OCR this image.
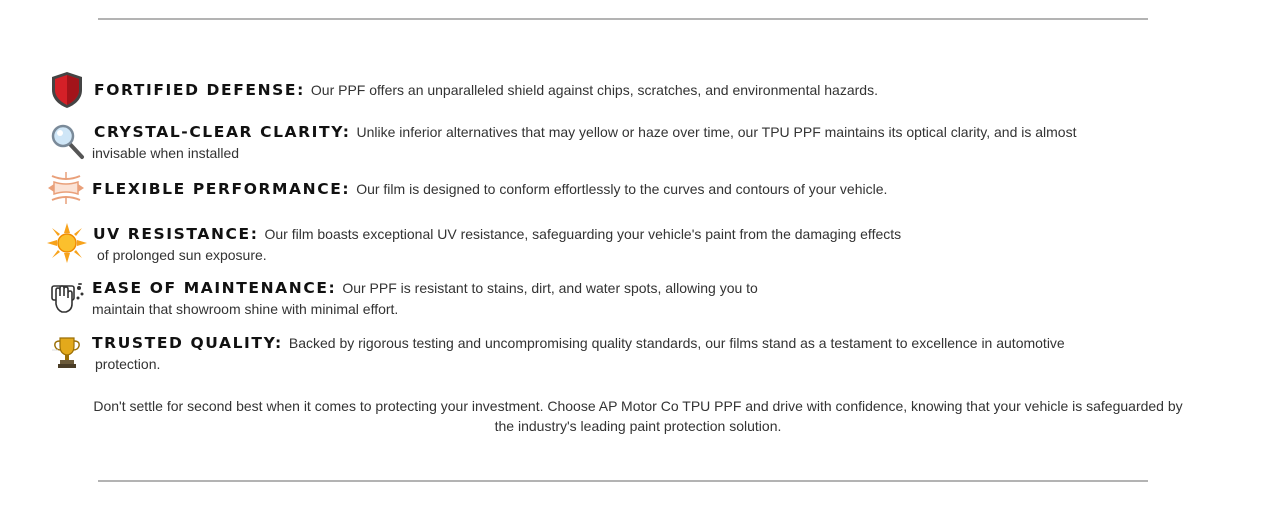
FORTIFIED DEFENSE: Our PPF offers an unparalleled shield against chips, scratches, and environmental hazards.
CRYSTAL-CLEAR CLARITY: Unlike inferior alternatives that may yellow or haze over time, our TPU PPF maintains its optical clarity, and is almost
invisable when installed
FLEXIBLE PERFORMANCE: Our film is designed to conform effortlessly to the curves and contours of your vehicle.
UV RESISTANCE: Our film boasts exceptional UV resistance, safeguarding your vehicle's paint from the damaging effects
of prolonged sun exposure.
EASE OF MAINTENANCE: Our PPF is resistant to stains, dirt, and water spots, allowing you to
maintain that showroom shine with minimal effort.
TRUSTED QUALITY: Backed by rigorous testing and uncompromising quality standards, our films stand as a testament to excellence in automotive
protection.
Don't settle for second best when it comes to protecting your investment. Choose AP Motor Co TPU PPF and drive with confidence, knowing that your vehicle is safeguarded by the industry's leading paint protection solution.
